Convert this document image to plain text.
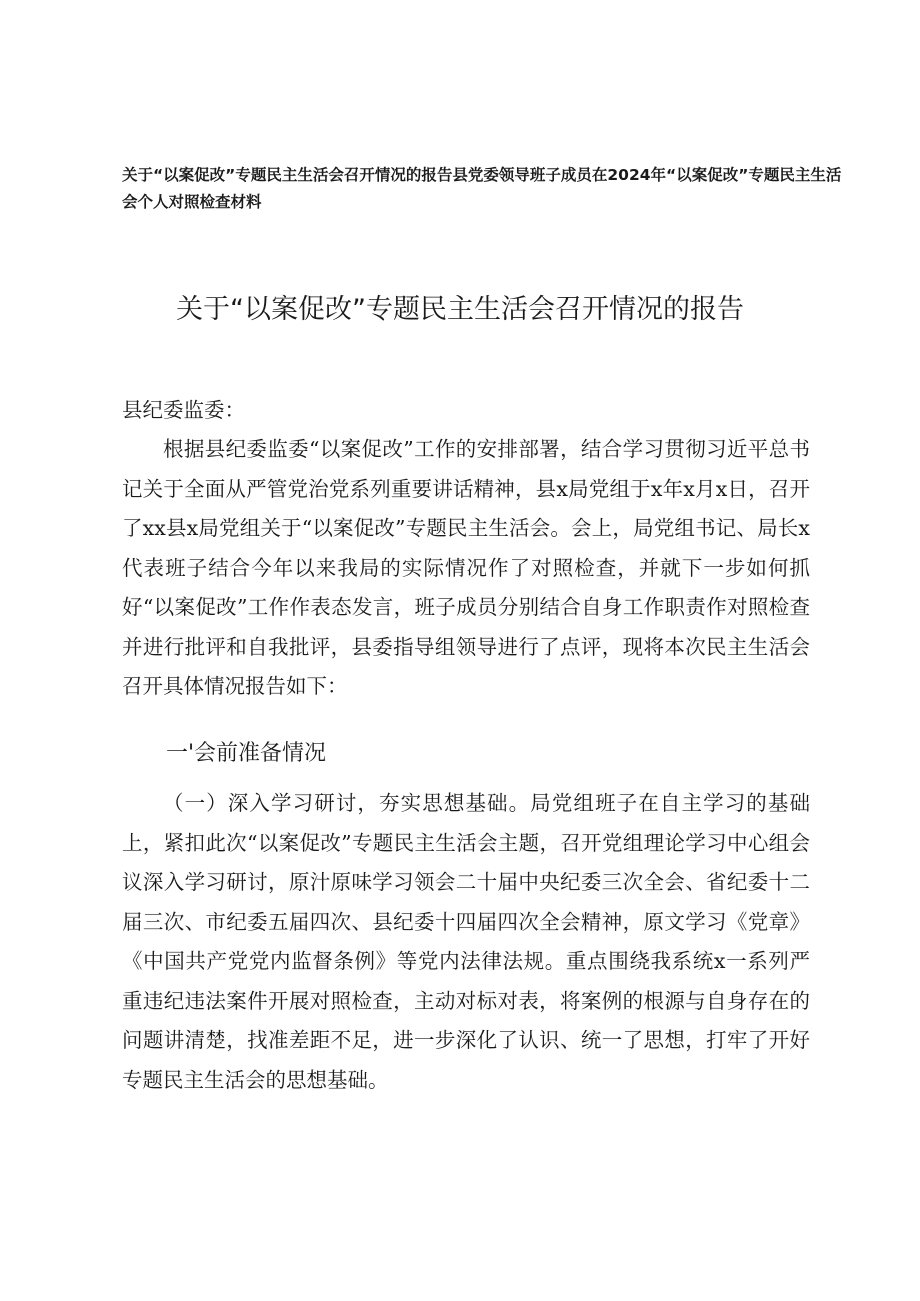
关于“以案促改”专题民主生活会召开情况的报告县党委领导班子成员在2024年“以案促改”专题民主生活会个人对照检查材料

关于“以案促改”专题民主生活会召开情况的报告

县纪委监委：

根据县纪委监委“以案促改”工作的安排部署，结合学习贯彻习近平总书记关于全面从严管党治党系列重要讲话精神，县x局党组于x年x月x日，召开了xx县x局党组关于“以案促改”专题民主生活会。会上，局党组书记、局长x代表班子结合今年以来我局的实际情况作了对照检查，并就下一步如何抓好“以案促改”工作作表态发言，班子成员分别结合自身工作职责作对照检查并进行批评和自我批评，县委指导组领导进行了点评，现将本次民主生活会召开具体情况报告如下：

一'会前准备情况

（一）深入学习研讨，夯实思想基础。局党组班子在自主学习的基础上，紧扣此次“以案促改”专题民主生活会主题，召开党组理论学习中心组会议深入学习研讨，原汁原味学习领会二十届中央纪委三次全会、省纪委十二届三次、市纪委五届四次、县纪委十四届四次全会精神，原文学习《党章》《中国共产党党内监督条例》等党内法律法规。重点围绕我系统x一系列严重违纪违法案件开展对照检查，主动对标对表，将案例的根源与自身存在的问题讲清楚，找准差距不足，进一步深化了认识、统一了思想，打牢了开好专题民主生活会的思想基础。
